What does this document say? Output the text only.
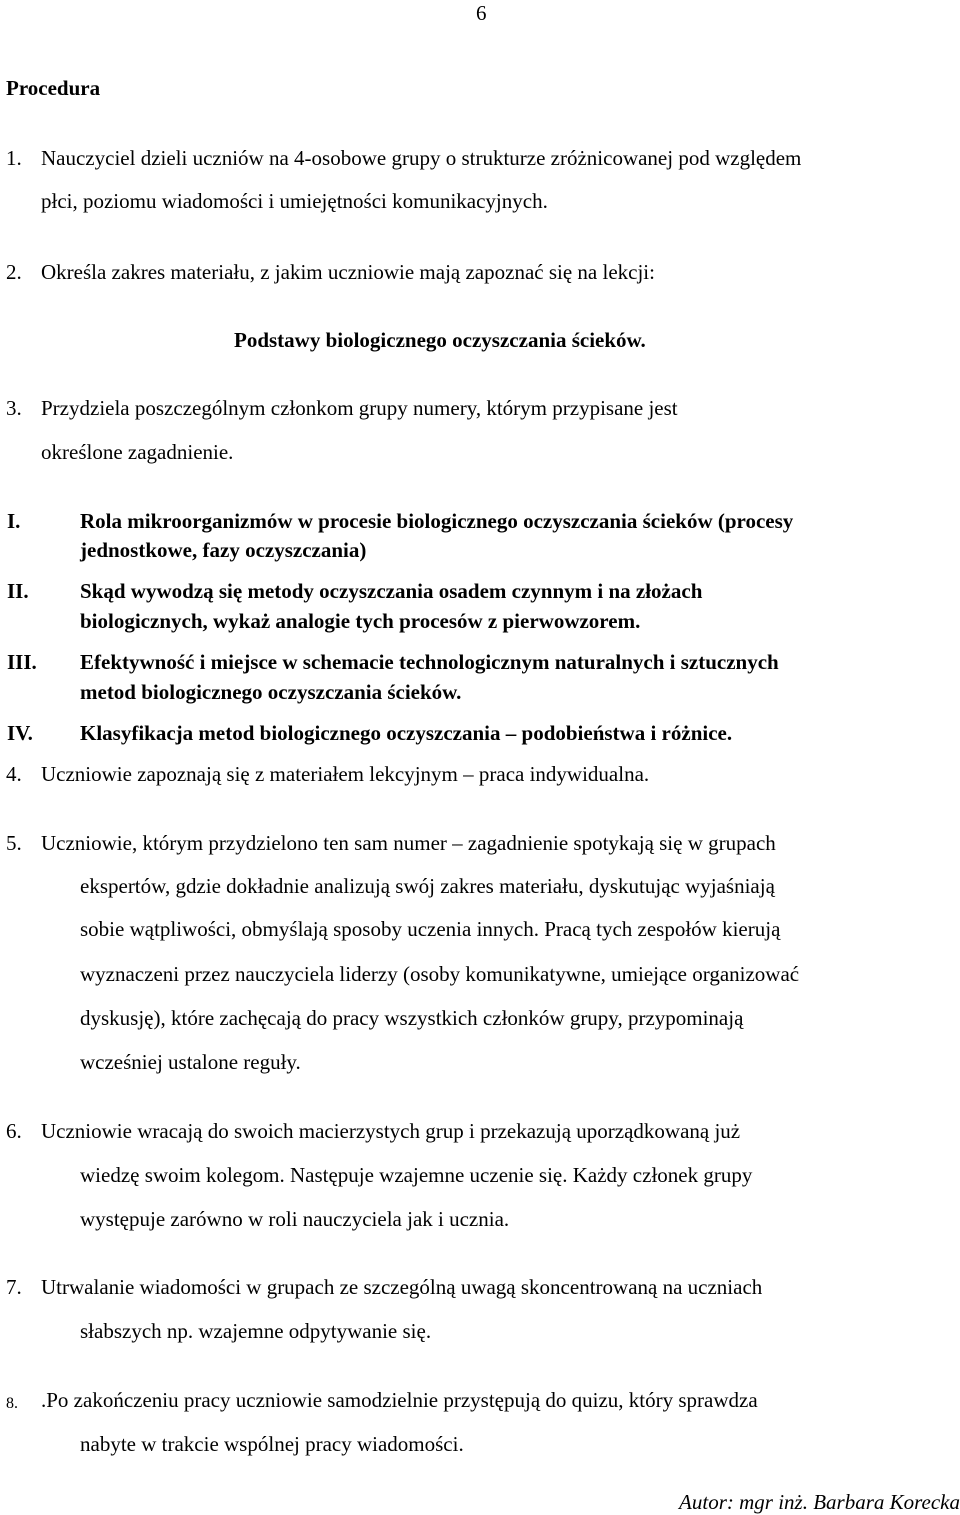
6
Procedura
1. Nauczyciel dzieli uczniów na 4-osobowe grupy o strukturze zróżnicowanej pod względem
płci, poziomu wiadomości i umiejętności komunikacyjnych.
2. Określa zakres materiału, z jakim uczniowie mają zapoznać się na lekcji:
Podstawy biologicznego oczyszczania ścieków.
3. Przydziela poszczególnym członkom grupy numery, którym przypisane jest
określone zagadnienie.
I.	Rola mikroorganizmów w procesie biologicznego oczyszczania ścieków (procesy
jednostkowe, fazy oczyszczania)
II. Skąd wywodzą się metody oczyszczania osadem czynnym i na złożach
biologicznych, wykaż analogie tych procesów z pierwowzorem.
III. Efektywność i miejsce w schemacie technologicznym naturalnych i sztucznych
metod biologicznego oczyszczania ścieków.
IV. Klasyfikacja metod biologicznego oczyszczania – podobieństwa i różnice.
4. Uczniowie zapoznają się z materiałem lekcyjnym – praca indywidualna.
5. Uczniowie, którym przydzielono ten sam numer – zagadnienie spotykają się w grupach
ekspertów, gdzie dokładnie analizują swój zakres materiału, dyskutując wyjaśniają
sobie wątpliwości, obmyślają sposoby uczenia innych. Pracą tych zespołów kierują
wyznaczeni przez nauczyciela liderzy (osoby komunikatywne, umiejące organizować
dyskusję), które zachęcają do pracy wszystkich członków grupy, przypominają
wcześniej ustalone reguły.
6. Uczniowie wracają do swoich macierzystych grup i przekazują uporządkowaną już
wiedzę swoim kolegom. Następuje wzajemne uczenie się. Każdy członek grupy
występuje zarówno w roli nauczyciela jak i ucznia.
7. Utrwalanie wiadomości w grupach ze szczególną uwagą skoncentrowaną na uczniach
słabszych np. wzajemne odpytywanie się.
8. .Po zakończeniu pracy uczniowie samodzielnie przystępują do quizu, który sprawdza
nabyte w trakcie wspólnej pracy wiadomości.
Autor: mgr inż. Barbara Korecka
